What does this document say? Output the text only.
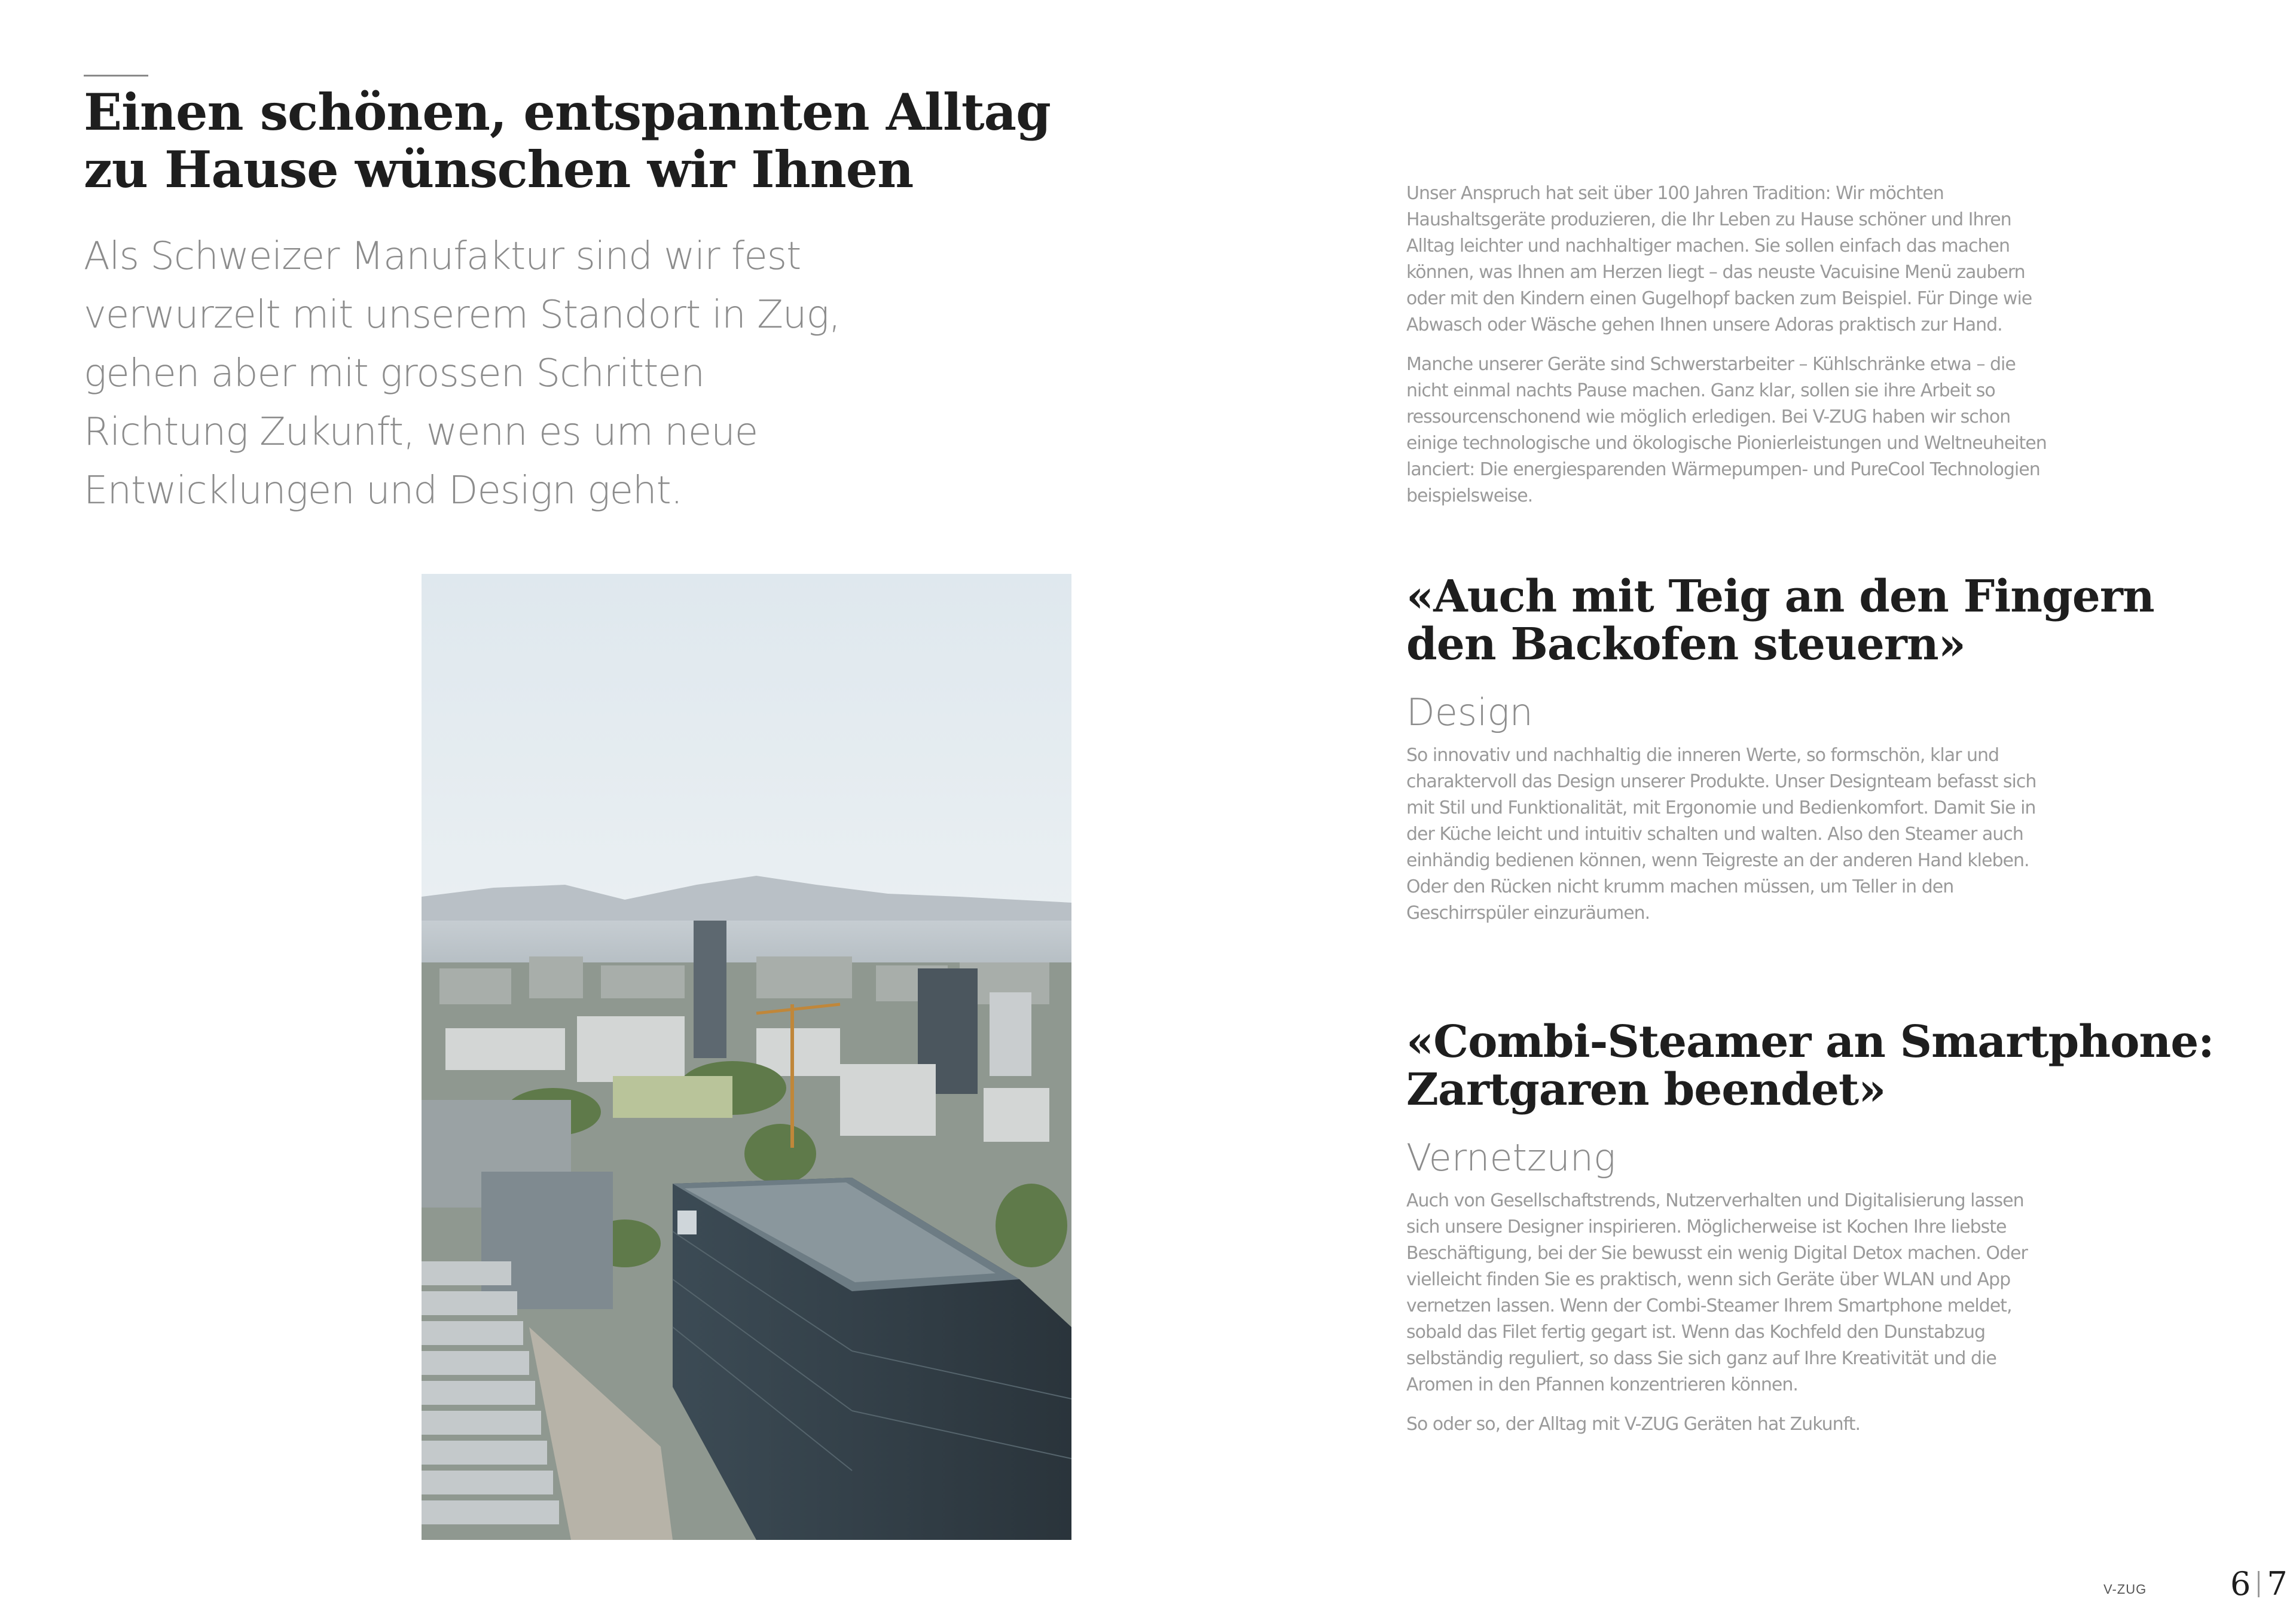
Einen schönen, entspannten Alltag
zu Hause wünschen wir Ihnen

Als Schweizer Manufaktur sind wir fest verwurzelt mit unserem Standort in Zug, gehen aber mit grossen Schritten Richtung Zukunft, wenn es um neue Entwicklungen und Design geht.

Unser Anspruch hat seit über 100 Jahren Tradition: Wir möchten Haushaltsgeräte produzieren, die Ihr Leben zu Hause schöner und Ihren Alltag leichter und nachhaltiger machen. Sie sollen einfach das machen können, was Ihnen am Herzen liegt – das neuste Vacuisine Menü zaubern oder mit den Kindern einen Gugelhopf backen zum Beispiel. Für Dinge wie Abwasch oder Wäsche gehen Ihnen unsere Adoras praktisch zur Hand.

Manche unserer Geräte sind Schwerstarbeiter – Kühlschränke etwa – die nicht einmal nachts Pause machen. Ganz klar, sollen sie ihre Arbeit so ressourcenschonend wie möglich erledigen. Bei V-ZUG haben wir schon einige technologische und ökologische Pionierleistungen und Weltneuheiten lanciert: Die energiesparenden Wärmepumpen- und PureCool Technologien beispielsweise.

«Auch mit Teig an den Fingern
den Backofen steuern»
Design

So innovativ und nachhaltig die inneren Werte, so formschön, klar und charaktervoll das Design unserer Produkte. Unser Designteam befasst sich mit Stil und Funktionalität, mit Ergonomie und Bedienkomfort. Damit Sie in der Küche leicht und intuitiv schalten und walten. Also den Steamer auch einhändig bedienen können, wenn Teigreste an der anderen Hand kleben. Oder den Rücken nicht krumm machen müssen, um Teller in den Geschirrspüler einzuräumen.

«Combi-Steamer an Smartphone:
Zartgaren beendet»
Vernetzung

Auch von Gesellschaftstrends, Nutzerverhalten und Digitalisierung lassen sich unsere Designer inspirieren. Möglicherweise ist Kochen Ihre liebste Beschäftigung, bei der Sie bewusst ein wenig Digital Detox machen. Oder vielleicht finden Sie es praktisch, wenn sich Geräte über WLAN und App vernetzen lassen. Wenn der Combi-Steamer Ihrem Smartphone meldet, sobald das Filet fertig gegart ist. Wenn das Kochfeld den Dunstabzug selbständig reguliert, so dass Sie sich ganz auf Ihre Kreativität und die Aromen in den Pfannen konzentrieren können.

So oder so, der Alltag mit V-ZUG Geräten hat Zukunft.

V-ZUG	6 7
